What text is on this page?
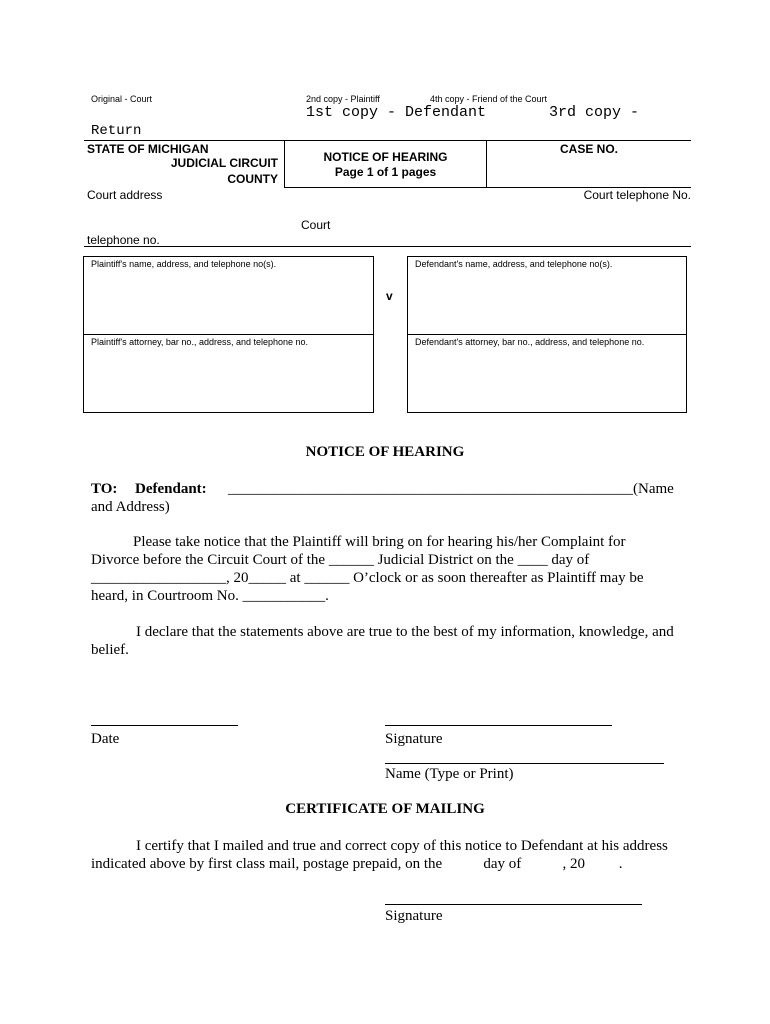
Original - Court	2nd copy - Plaintiff	4th copy - Friend of the Court
1st copy - Defendant       3rd copy -
Return
STATE OF MICHIGAN
JUDICIAL CIRCUIT
COUNTY
NOTICE OF HEARING
Page 1 of 1 pages
CASE NO.
Court address	Court telephone No.
Court
telephone no.
Plaintiff's name, address, and telephone no(s).
Plaintiff's attorney, bar no., address, and telephone no.
v
Defendant's name, address, and telephone no(s).
Defendant's attorney, bar no., address, and telephone no.
NOTICE OF HEARING
TO: Defendant: ______________________________________________________(Name
and Address)
Please take notice that the Plaintiff will bring on for hearing his/her Complaint for
Divorce before the Circuit Court of the ______ Judicial District on the ____ day of
__________________, 20_____ at ______ O’clock or as soon thereafter as Plaintiff may be
heard, in Courtroom No. ___________.
I declare that the statements above are true to the best of my information, knowledge, and
belief.
Date	Signature
Name (Type or Print)
CERTIFICATE OF MAILING
I certify that I mailed and true and correct copy of this notice to Defendant at his address
indicated above by first class mail, postage prepaid, on the           day of           , 20         .
Signature
